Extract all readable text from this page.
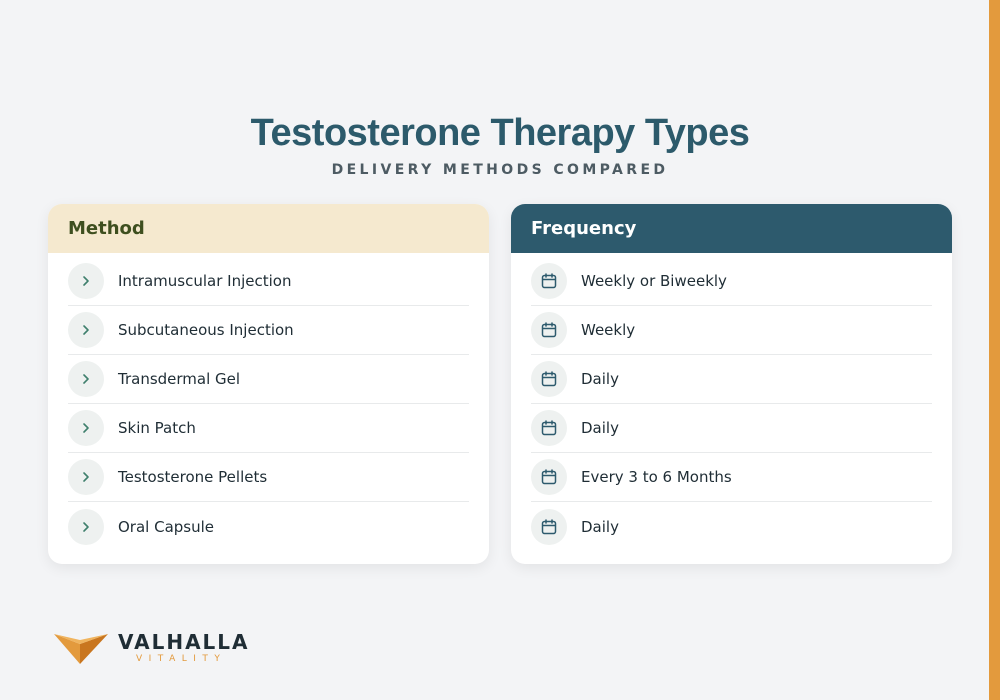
Testosterone Therapy Types
DELIVERY METHODS COMPARED
Method
Intramuscular Injection
Subcutaneous Injection
Transdermal Gel
Skin Patch
Testosterone Pellets
Oral Capsule
Frequency
Weekly or Biweekly
Weekly
Daily
Daily
Every 3 to 6 Months
Daily
VALHALLA
VITALITY
